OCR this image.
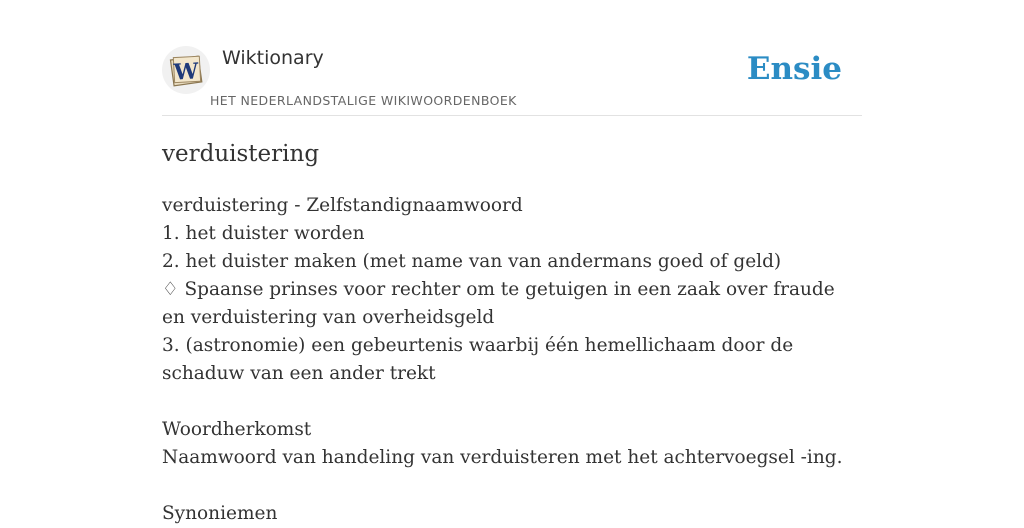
W
Wiktionary
HET NEDERLANDSTALIGE WIKIWOORDENBOEK
Ensie
verduistering
verduistering - Zelfstandignaamwoord
1. het duister worden
2. het duister maken (met name van van andermans goed of geld)
♢ Spaanse prinses voor rechter om te getuigen in een zaak over fraude en verduistering van overheidsgeld
3. (astronomie) een gebeurtenis waarbij één hemellichaam door de schaduw van een ander trekt
Woordherkomst
Naamwoord van handeling van verduisteren met het achtervoegsel -ing.
Synoniemen
